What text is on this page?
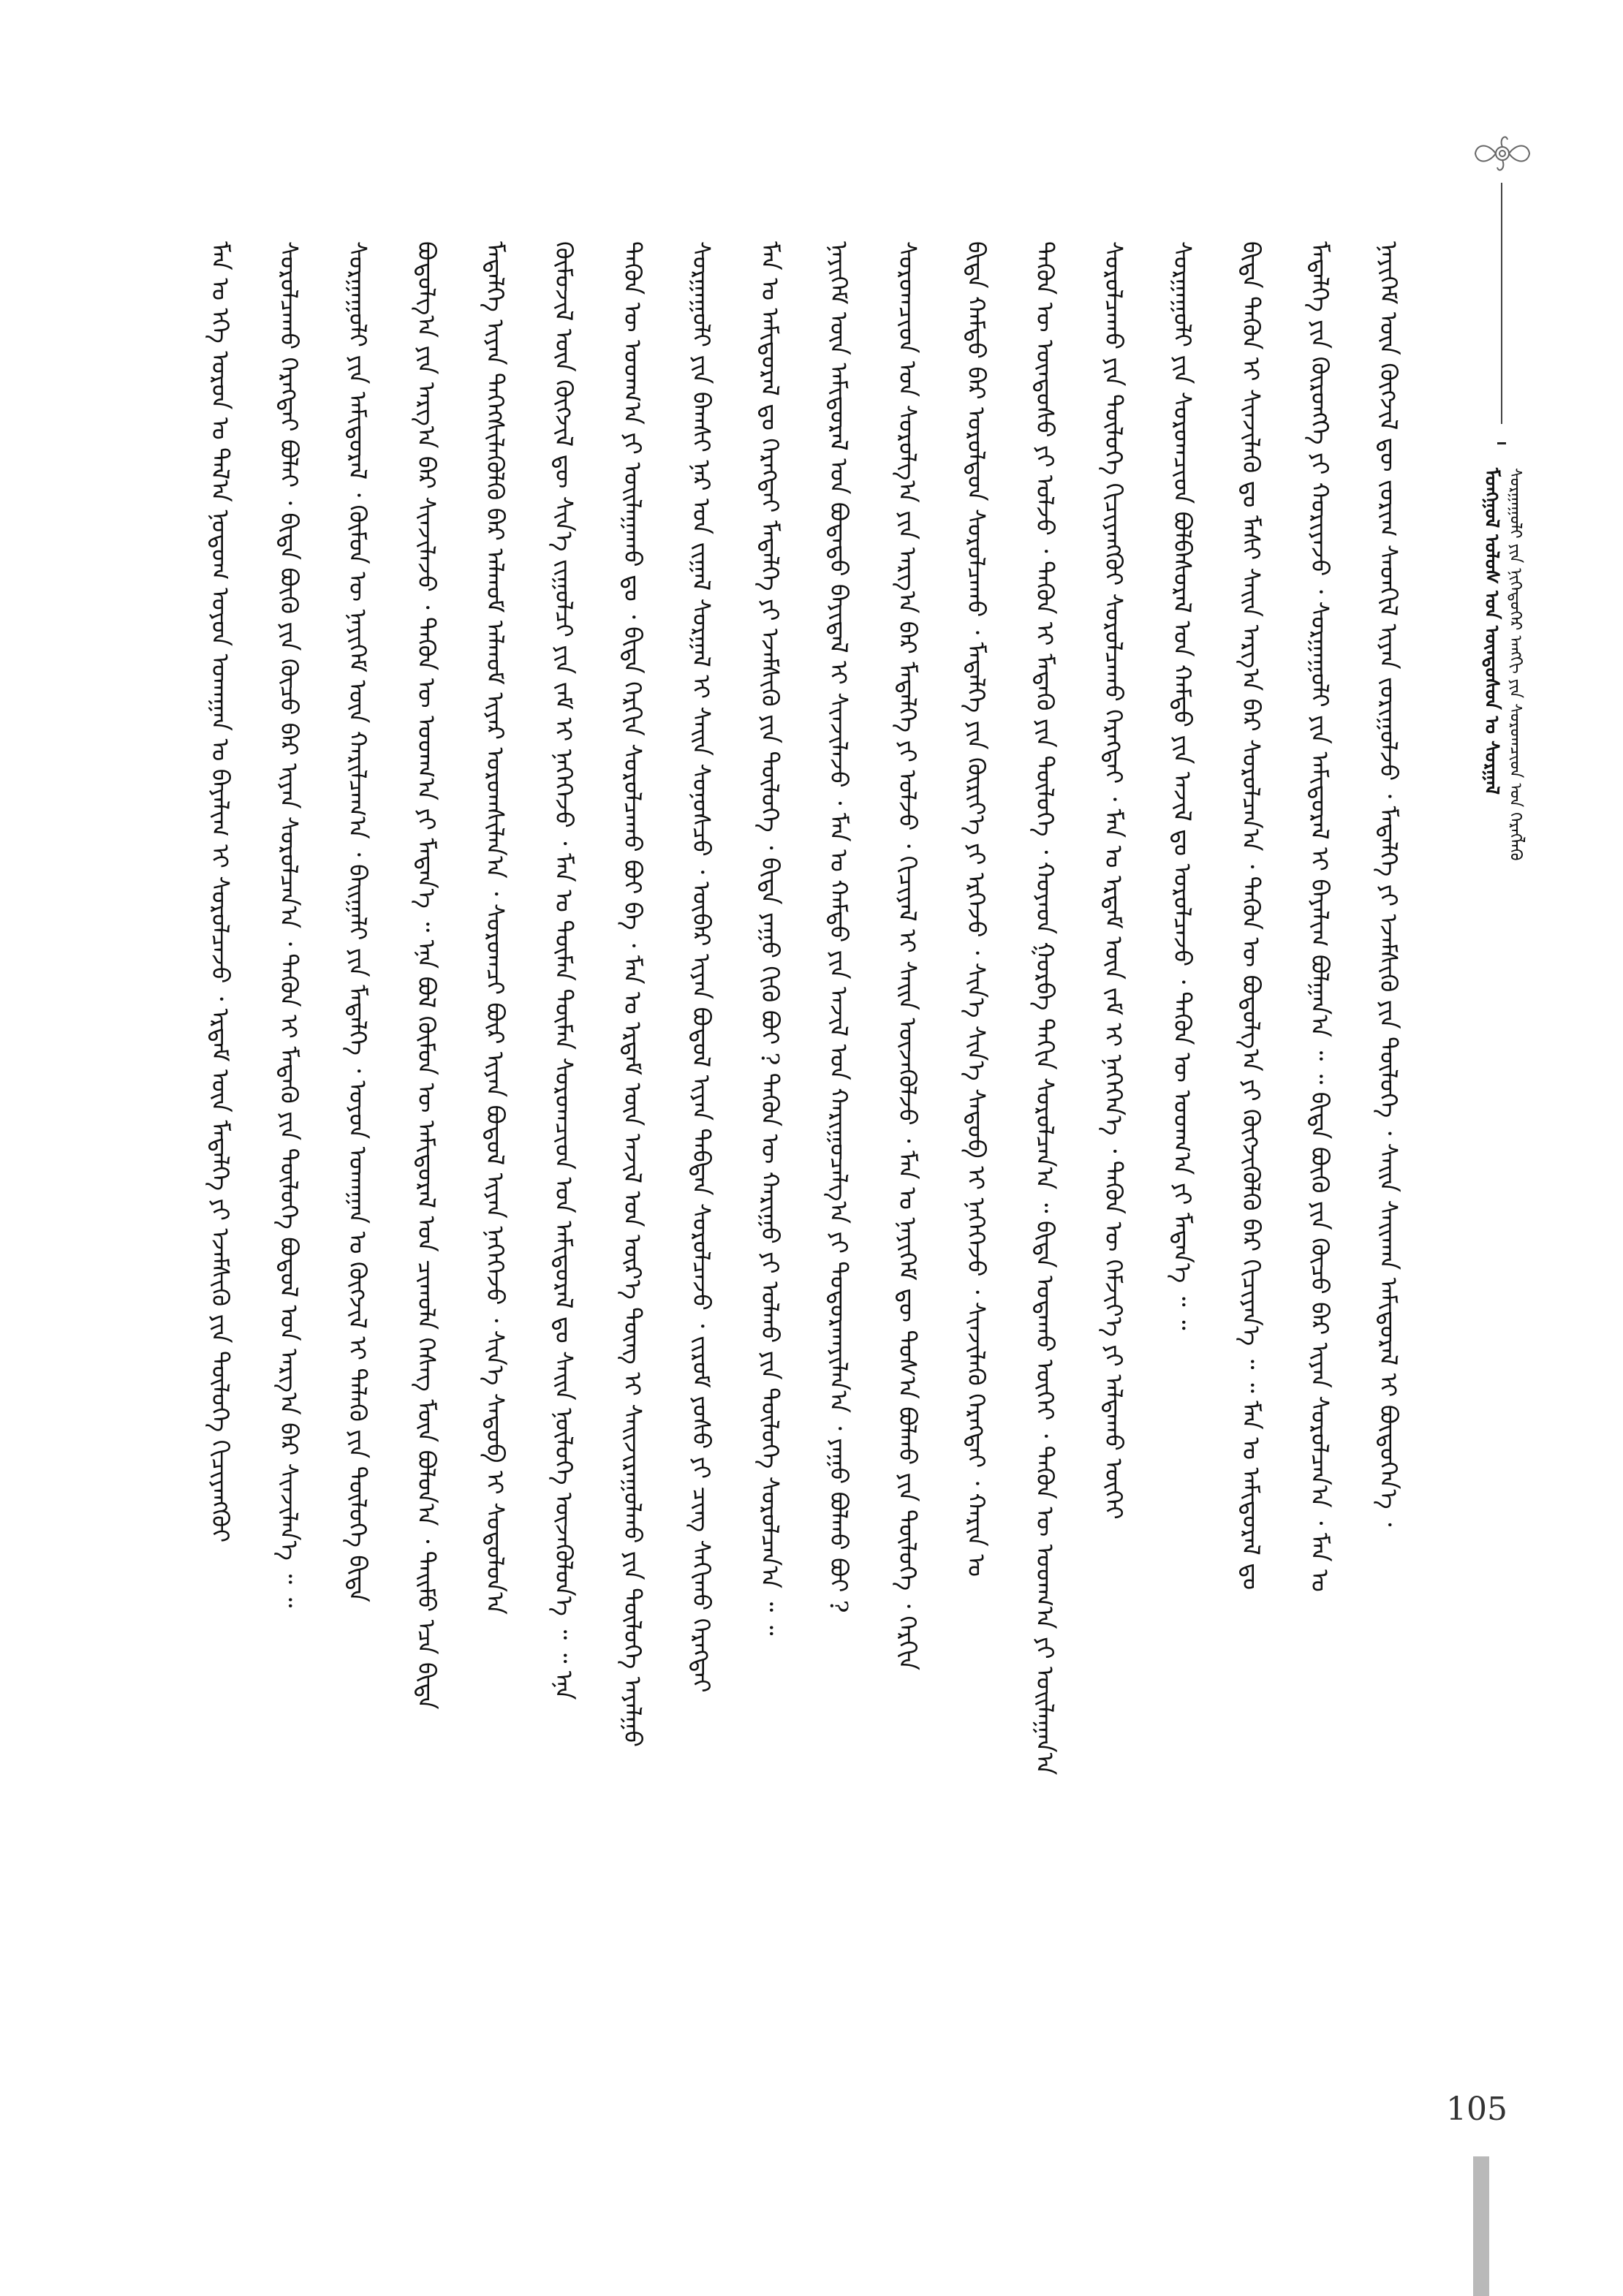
ᠮᠣᠩᠭᠣᠯ ᠤᠯᠤᠰ ᠤᠨ ᠦᠨᠳᠦᠰᠦᠨ ᠤ ᠰᠤᠷᠭᠠᠯ ᠰᠤᠷᠭᠠᠭᠤᠯᠢ ᠶᠢᠨ ᠨᠢᠭᠡᠳᠦᠭᠡᠷ ᠠᠩᠭᠢ ᠶᠢᠨ ᠰᠤᠷᠤᠭᠴᠢᠳ ᠤᠨ ᠬᠡᠷᠡᠭᠯᠡᠬᠦ
ᠮᠠᠨ ᠤ ᠡᠬᠡ ᠣᠷᠣᠨ ᠤ ᠲᠠᠯ᠎ᠠ ᠨᠤᠲᠤᠭ ᠣᠶᠤᠨ ᠤᠬᠠᠭᠠᠨ ᠤ ᠪᠠᠶᠠᠯᠢᠭ ᠢ ᠰᠤᠷᠤᠯᠴᠠᠵᠤ ᠂ ᠡᠷᠳᠡᠮ ᠦᠨ ᠮᠡᠳᠡᠯᠭᠡ ᠶᠢ ᠡᠵᠡᠮᠰᠢᠬᠦ ᠶᠢᠨ ᠲᠥᠯᠥᠭᠡ ᠬᠢᠴᠢᠶᠡᠩᠭᠦᠢ	ᠰᠤᠷᠤᠯᠴᠠᠬᠤ ᠬᠡᠷᠡᠭᠲᠡᠢ ᠪᠣᠯᠠᠢ ᠂ ᠪᠢᠳᠡ ᠪᠦᠬᠦ ᠶᠢᠨ ᠬᠦᠴᠦ ᠪᠡᠷ ᠢᠶᠡᠨ ᠰᠤᠷᠤᠯᠴᠠᠨ᠎ᠠ ᠂ ᠲᠡᠭᠦᠨ ᠢ ᠮᠡᠳᠡᠬᠦ ᠶᠢᠨ ᠲᠥᠯᠥᠭᠡ ᠪᠣᠳᠤᠯ ᠤᠨ ᠠᠷᠭ᠎ᠠ ᠪᠠᠷ ᠰᠢᠨᠵᠢᠯᠡᠨ᠎ᠡ ᠃ ᠃	ᠰᠤᠷᠭᠠᠭᠤᠯᠢ ᠶᠢᠨ ᠠᠮᠢᠳᠤᠷᠠᠯ ᠂ ᠬᠦᠮᠦᠨ ᠦ ᠨᠡᠶᠢᠭᠡᠮ ᠦᠨ ᠬᠠᠷᠢᠯᠴᠠᠭ᠎ᠠ ᠂ ᠪᠠᠢᠭᠠᠯᠢ ᠶᠢᠨ ᠮᠡᠳᠡᠯᠭᠡ ᠂ ᠣᠶᠤᠨ ᠤᠬᠠᠭᠠᠨ ᠤ ᠬᠥᠭᠵᠢᠯ ᠢ ᠲᠡᠯᠡᠬᠦ ᠶᠢᠨ ᠲᠥᠯᠥᠭᠡ ᠪᠢᠳᠡ	ᠪᠣᠳᠤᠯᠭ᠎ᠠ ᠶᠢᠨ ᠠᠷᠭ᠎ᠠ ᠪᠡᠷ ᠰᠢᠨᠵᠢᠯᠡᠵᠦ ᠂ ᠲᠡᠭᠦᠨ ᠦ ᠤᠳᠬ᠎ᠠ ᠶᠢ ᠮᠡᠳᠡᠨ᠎ᠡ ᠃ ᠡᠨᠡ ᠪᠣᠯ ᠬᠦᠮᠦᠨ ᠦ ᠠᠮᠢᠳᠤᠷᠠᠯ ᠤᠨ ᠴᠢᠬᠤᠯᠠ ᠬᠡᠰᠡᠭ ᠮᠥᠨ ᠪᠣᠯᠤᠨ᠎ᠠ ᠂ ᠲᠡᠢᠮᠦ ᠡᠴᠡ ᠪᠢᠳᠡ	ᠮᠡᠳᠡᠯᠭᠡ ᠢᠶᠡᠨ ᠳᠡᠭᠡᠭᠰᠢᠯᠡᠭᠦᠯᠬᠦ ᠪᠠᠷ ᠠᠯᠬᠤᠮ ᠠᠯᠬᠤᠮ ᠢᠶᠠᠷ ᠤᠷᠤᠭᠰᠢᠯᠠᠨ᠎ᠠ ᠂ ᠰᠤᠷᠤᠭᠴᠢ ᠪᠦᠷ ᠢᠶᠡᠨ ᠪᠣᠳᠤᠯ ᠢᠶᠠᠨ ᠨᠡᠭᠡᠭᠡᠵᠦ ᠂ ᠰᠢᠨ᠎ᠡ ᠰᠡᠳᠦᠪ ᠢ ᠰᠤᠳᠤᠯᠤᠨ᠎ᠠ	ᠬᠦᠮᠦᠵᠢᠯ ᠦᠨ ᠬᠥᠭᠵᠢᠯ ᠳᠦ ᠰᠢᠨ᠎ᠡ ᠵᠢᠭᠤᠯᠴᠢ ᠶᠢᠨ ᠵᠠᠮ ᠢ ᠨᠡᠭᠡᠭᠡᠵᠦ ᠂ ᠮᠠᠨ ᠤ ᠲᠦᠮᠡᠨ ᠲᠥᠮᠡᠨ ᠰᠤᠷᠤᠭᠴᠢᠳ ᠤᠨ ᠠᠮᠢᠳᠤᠷᠠᠯ ᠳᠤ ᠰᠠᠢᠨ ᠨᠥᠯᠥᠭᠡ ᠦᠵᠡᠭᠦᠯᠦᠨ᠎ᠡ ᠃ ᠃ ᠡᠨᠡ	ᠲᠡᠭᠦᠨ ᠦ ᠤᠳᠬ᠎ᠠ ᠶᠢ ᠣᠢᠯᠠᠭᠠᠬᠤ ᠳᠤ ᠂ ᠪᠢᠳᠡ ᠬᠡᠷᠬᠢᠨ ᠰᠤᠷᠤᠯᠴᠠᠬᠤ ᠪᠤᠢ ᠪᠡ ᠂ ᠮᠠᠨ ᠤ ᠡᠷᠳᠡᠮ ᠦᠨ ᠠᠵᠢᠯ ᠤᠨ ᠦᠷ᠎ᠡ ᠳᠦᠩ ᠢ ᠰᠠᠢᠵᠢᠷᠠᠭᠤᠯᠬᠤ ᠶᠢᠨ ᠲᠥᠯᠥᠭᠡ ᠠᠶᠠᠯᠭᠤ	ᠰᠤᠷᠭᠠᠭᠤᠯᠢ ᠶᠢᠨ ᠪᠠᠭᠰᠢ ᠨᠠᠷ ᠤᠨ ᠵᠢᠭᠠᠯ ᠰᠤᠷᠭᠠᠯ ᠢ ᠰᠠᠢᠨ ᠰᠣᠨᠣᠰᠴᠤ ᠂ ᠥᠪᠡᠷ ᠢᠶᠡᠨ ᠪᠣᠳᠤᠯ ᠢᠶᠠᠨ ᠳᠠᠪᠲᠠᠨ ᠰᠤᠷᠤᠯᠴᠠᠵᠤ ᠂ ᠵᠢᠷᠤᠮ ᠶᠣᠰᠤ ᠶᠢ ᠴᠢᠩ ᠰᠠᠬᠢᠬᠤ ᠬᠡᠷᠡᠭᠲᠡᠢ	ᠮᠠᠨ ᠤ ᠠᠮᠢᠳᠤᠷᠠᠯ ᠳᠤ ᠬᠡᠷᠡᠭᠲᠡᠢ ᠮᠡᠳᠡᠯᠭᠡ ᠶᠢ ᠡᠵᠡᠮᠰᠢᠬᠦ ᠶᠢᠨ ᠲᠥᠯᠥᠭᠡ ᠂ ᠪᠢᠳᠡ ᠶᠠᠭᠤ ᠬᠢᠬᠦ ᠪᠤᠢ ? ᠲᠡᠭᠦᠨ ᠦ ᠬᠠᠷᠢᠭᠤ ᠶᠢ ᠣᠯᠬᠤ ᠶᠢᠨ ᠲᠥᠯᠥᠭᠡ ᠰᠤᠷᠤᠯᠴᠠᠨ᠎ᠠ ᠃ ᠃	ᠨᠡᠶᠢᠭᠡᠮ ᠦᠨ ᠠᠮᠢᠳᠤᠷᠠᠯ ᠤᠨ ᠪᠣᠳᠠᠲᠤ ᠪᠠᠶᠢᠳᠠᠯ ᠢ ᠰᠢᠨᠵᠢᠯᠡᠵᠦ ᠂ ᠮᠠᠨ ᠤ ᠬᠠᠮᠲᠤ ᠶᠢᠨ ᠠᠵᠢᠯ ᠤᠨ ᠬᠠᠷᠢᠭᠤᠴᠠᠯᠭ᠎ᠠ ᠶᠢ ᠲᠣᠳᠣᠷᠬᠠᠶᠢᠯᠠᠨ᠎ᠠ ᠂ ᠶᠠᠭᠤ ᠪᠣᠯᠬᠤ ᠪᠤᠢ ?	ᠰᠤᠷᠤᠭᠴᠢᠳ ᠤᠨ ᠰᠤᠷᠤᠯᠭ᠎ᠠ ᠶᠢᠨ ᠠᠷᠭ᠎ᠠ ᠪᠠᠷ ᠮᠡᠳᠡᠯᠭᠡ ᠶᠢ ᠣᠯᠵᠤ ᠂ ᠬᠢᠴᠢᠶᠡᠯ ᠢ ᠰᠠᠢᠨ ᠦᠵᠡᠭᠦᠯᠵᠦ ᠂ ᠮᠠᠨ ᠤ ᠨᠡᠶᠢᠭᠡᠮ ᠳᠦ ᠲᠤᠰ᠎ᠠ ᠪᠣᠯᠬᠤ ᠶᠢᠨ ᠲᠥᠯᠥᠭᠡ ᠂ ᠬᠡᠷᠬᠢᠨ	ᠪᠢᠳᠡ ᠬᠠᠮᠲᠤ ᠪᠠᠷ ᠣᠷᠣᠯᠳᠤᠨ ᠰᠤᠷᠤᠯᠴᠠᠬᠤ ᠂ ᠮᠡᠳᠡᠯᠭᠡ ᠶᠢᠨ ᠬᠦᠷᠢᠶ᠎ᠡ ᠶᠢ ᠡᠷᠭᠡᠵᠦ ᠂ ᠰᠢᠨ᠎ᠡ ᠰᠢᠨ᠎ᠡ ᠰᠡᠳᠦᠪ ᠢ ᠨᠡᠭᠡᠭᠡᠵᠦ ᠂ ᠰᠢᠨᠵᠢᠯᠡᠬᠦ ᠬᠡᠷᠡᠭᠲᠡᠢ ᠂ ᠬᠠᠷᠢᠨ ᠤ	ᠲᠡᠭᠦᠨ ᠦ ᠦᠨᠳᠦᠰᠦ ᠶᠢ ᠣᠯᠵᠤ ᠂ ᠲᠡᠭᠦᠨ ᠢ ᠮᠡᠳᠡᠬᠦ ᠶᠢᠨ ᠲᠥᠯᠥᠭᠡ ᠂ ᠬᠣᠶᠠᠳ ᠭᠤᠷᠪᠠ ᠳᠠᠬᠢᠨ ᠰᠤᠷᠤᠯᠴᠠᠨ᠎ᠠ ᠃ ᠪᠢᠳᠡ ᠤᠳᠠᠬᠤ ᠦᠭᠡᠢ ᠂ ᠲᠡᠭᠦᠨ ᠦ ᠤᠳᠬ᠎ᠠ ᠶᠢ ᠣᠢᠯᠠᠭᠠᠨ᠎ᠠ	ᠰᠤᠷᠤᠯᠴᠠᠬᠤ ᠶᠢᠨ ᠲᠥᠯᠥᠭᠡ ᠬᠢᠴᠢᠶᠡᠩᠭᠦᠢ ᠰᠤᠷᠤᠯᠴᠠᠬᠤ ᠬᠡᠷᠡᠭᠲᠡᠢ ᠂ ᠮᠠᠨ ᠤ ᠡᠷᠳᠡᠮ ᠦᠨ ᠵᠠᠮ ᠢ ᠨᠡᠭᠡᠭᠡᠨ᠎ᠡ ᠂ ᠲᠡᠭᠦᠨ ᠦ ᠬᠡᠮᠵᠢᠶ᠎ᠡ ᠶᠢ ᠠᠯᠳᠠᠬᠤ ᠦᠭᠡᠢ	ᠰᠤᠷᠭᠠᠭᠤᠯᠢ ᠶᠢᠨ ᠰᠤᠷᠤᠭᠴᠢᠳ ᠪᠣᠯᠪᠠᠰᠤᠷᠠᠯ ᠤᠨ ᠬᠠᠮᠲᠤ ᠶᠢᠨ ᠠᠵᠢᠯ ᠳᠤ ᠣᠷᠣᠯᠴᠠᠵᠤ ᠂ ᠲᠡᠭᠦᠨ ᠦ ᠤᠳᠬ᠎ᠠ ᠶᠢ ᠮᠡᠳᠡᠨ᠎ᠡ ᠃ ᠃	ᠪᠢᠳᠡ ᠲᠡᠭᠦᠨ ᠢ ᠰᠢᠨᠵᠢᠯᠡᠬᠦ ᠳᠤ ᠮᠠᠰᠢ ᠰᠠᠢᠨ ᠠᠷᠭ᠎ᠠ ᠪᠠᠷ ᠰᠤᠷᠤᠯᠴᠠᠨ᠎ᠠ ᠂ ᠲᠡᠭᠦᠨ ᠦ ᠪᠣᠳᠤᠯᠭ᠎ᠠ ᠶᠢ ᠬᠥᠭᠵᠢᠭᠦᠯᠬᠦ ᠪᠠᠷ ᠬᠢᠴᠢᠶᠡᠨ᠎ᠡ ᠃ ᠃ ᠮᠠᠨ ᠤ ᠠᠮᠢᠳᠤᠷᠠᠯ ᠳᠤ	ᠮᠡᠳᠡᠯᠭᠡ ᠶᠢᠨ ᠬᠥᠷᠥᠩᠭᠡ ᠶᠢ ᠬᠤᠷᠢᠶᠠᠵᠤ ᠂ ᠰᠤᠷᠭᠠᠭᠤᠯᠢ ᠶᠢᠨ ᠠᠮᠢᠳᠤᠷᠠᠯ ᠢ ᠪᠠᠶᠠᠯᠢᠭ ᠪᠣᠯᠭᠠᠨ᠎ᠠ ᠃ ᠃ ᠪᠢᠳᠡ ᠪᠦᠬᠦ ᠶᠢᠨ ᠬᠦᠴᠦ ᠪᠡᠷ ᠢᠶᠡᠨ ᠰᠤᠷᠤᠯᠴᠠᠨ᠎ᠠ ᠂ ᠮᠠᠨ ᠤ	ᠨᠡᠶᠢᠭᠡᠮ ᠦᠨ ᠬᠥᠭᠵᠢᠯ ᠳᠦ ᠵᠣᠷᠢᠭ ᠰᠡᠳᠬᠢᠯ ᠢᠶᠡᠨ ᠵᠣᠷᠢᠭᠤᠯᠵᠤ ᠂ ᠮᠡᠳᠡᠯᠭᠡ ᠶᠢ ᠡᠵᠡᠮᠰᠢᠬᠦ ᠶᠢᠨ ᠲᠥᠯᠥᠭᠡ ᠂ ᠰᠠᠢᠨ ᠰᠠᠢᠬᠠᠨ ᠠᠮᠢᠳᠤᠷᠠᠯ ᠢ ᠪᠦᠲᠦᠭᠡᠨ᠎ᠡ ᠂
105
